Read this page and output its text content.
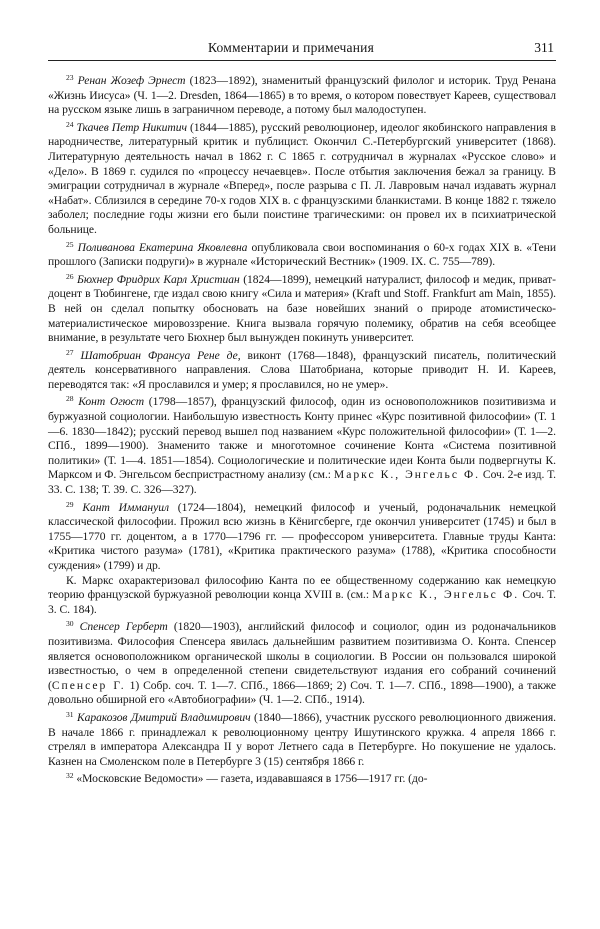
Комментарии и примечания	311

$^{23}$ Ренан Жозеф Эрнест (1823—1892), знаменитый французский филолог и историк. Труд Ренана «Жизнь Иисуса» (Ч. 1—2. Dresden, 1864—1865) в то время, о котором повествует Кареев, существовал на русском языке лишь в заграничном переводе, а потому был малодоступен.

$^{24}$ Ткачев Петр Никитич (1844—1885), русский революционер, идеолог якобинского направления в народничестве, литературный критик и публицист. Окончил С.-Петербургский университет (1868). Литературную деятельность начал в 1862 г. С 1865 г. сотрудничал в журналах «Русское слово» и «Дело». В 1869 г. судился по «процессу нечаевцев». После отбытия заключения бежал за границу. В эмиграции сотрудничал в журнале «Вперед», после разрыва с П. Л. Лавровым начал издавать журнал «Набат». Сблизился в середине 70-х годов XIX в. с французскими бланкистами. В конце 1882 г. тяжело заболел; последние годы жизни его были поистине трагическими: он провел их в психиатрической больнице.

$^{25}$ Поливанова Екатерина Яковлевна опубликовала свои воспоминания о 60-х годах XIX в. «Тени прошлого (Записки подруги)» в журнале «Исторический Вестник» (1909. IX. С. 755—789).

$^{26}$ Бюхнер Фридрих Карл Христиан (1824—1899), немецкий натуралист, философ и медик, приват-доцент в Тюбингене, где издал свою книгу «Сила и материя» (Kraft und Stoff. Frankfurt am Main, 1855). В ней он сделал попытку обосновать на базе новейших знаний о природе атомистическо-материалистическое мировоззрение. Книга вызвала горячую полемику, обратив на себя всеобщее внимание, в результате чего Бюхнер был вынужден покинуть университет.

$^{27}$ Шатобриан Франсуа Рене де, виконт (1768—1848), французский писатель, политический деятель консервативного направления. Слова Шатобриана, которые приводит Н. И. Кареев, переводятся так: «Я прославился и умер; я прославился, но не умер».

$^{28}$ Конт Огюст (1798—1857), французский философ, один из основоположников позитивизма и буржуазной социологии. Наибольшую известность Конту принес «Курс позитивной философии» (Т. 1—6. 1830—1842); русский перевод вышел под названием «Курс положительной философии» (Т. 1—2. СПб., 1899—1900). Знаменито также и многотомное сочинение Конта «Система позитивной политики» (Т. 1—4. 1851—1854). Социологические и политические идеи Конта были подвергнуты К. Марксом и Ф. Энгельсом беспристрастному анализу (см.: Маркс К., Энгельс Ф. Соч. 2-е изд. Т. 33. С. 138; Т. 39. С. 326—327).

$^{29}$ Кант Иммануил (1724—1804), немецкий философ и ученый, родоначальник немецкой классической философии. Прожил всю жизнь в Кёнигсберге, где окончил университет (1745) и был в 1755—1770 гг. доцентом, а в 1770—1796 гг. — профессором университета. Главные труды Канта: «Критика чистого разума» (1781), «Критика практического разума» (1788), «Критика способности суждения» (1799) и др.

К. Маркс охарактеризовал философию Канта по ее общественному содержанию как немецкую теорию французской буржуазной революции конца XVIII в. (см.: Маркс К., Энгельс Ф. Соч. Т. 3. С. 184).

$^{30}$ Спенсер Герберт (1820—1903), английский философ и социолог, один из родоначальников позитивизма. Философия Спенсера явилась дальнейшим развитием позитивизма О. Конта. Спенсер является основоположником органической школы в социологии. В России он пользовался широкой известностью, о чем в определенной степени свидетельствуют издания его собраний сочинений (Спенсер Г. 1) Собр. соч. Т. 1—7. СПб., 1866—1869; 2) Соч. Т. 1—7. СПб., 1898—1900), а также довольно обширной его «Автобиографии» (Ч. 1—2. СПб., 1914).

$^{31}$ Каракозов Дмитрий Владимирович (1840—1866), участник русского революционного движения. В начале 1866 г. принадлежал к революционному центру Ишутинского кружка. 4 апреля 1866 г. стрелял в императора Александра II у ворот Летнего сада в Петербурге. Но покушение не удалось. Казнен на Смоленском поле в Петербурге 3 (15) сентября 1866 г.

$^{32}$ «Московские Ведомости» — газета, издававшаяся в 1756—1917 гг. (до-
